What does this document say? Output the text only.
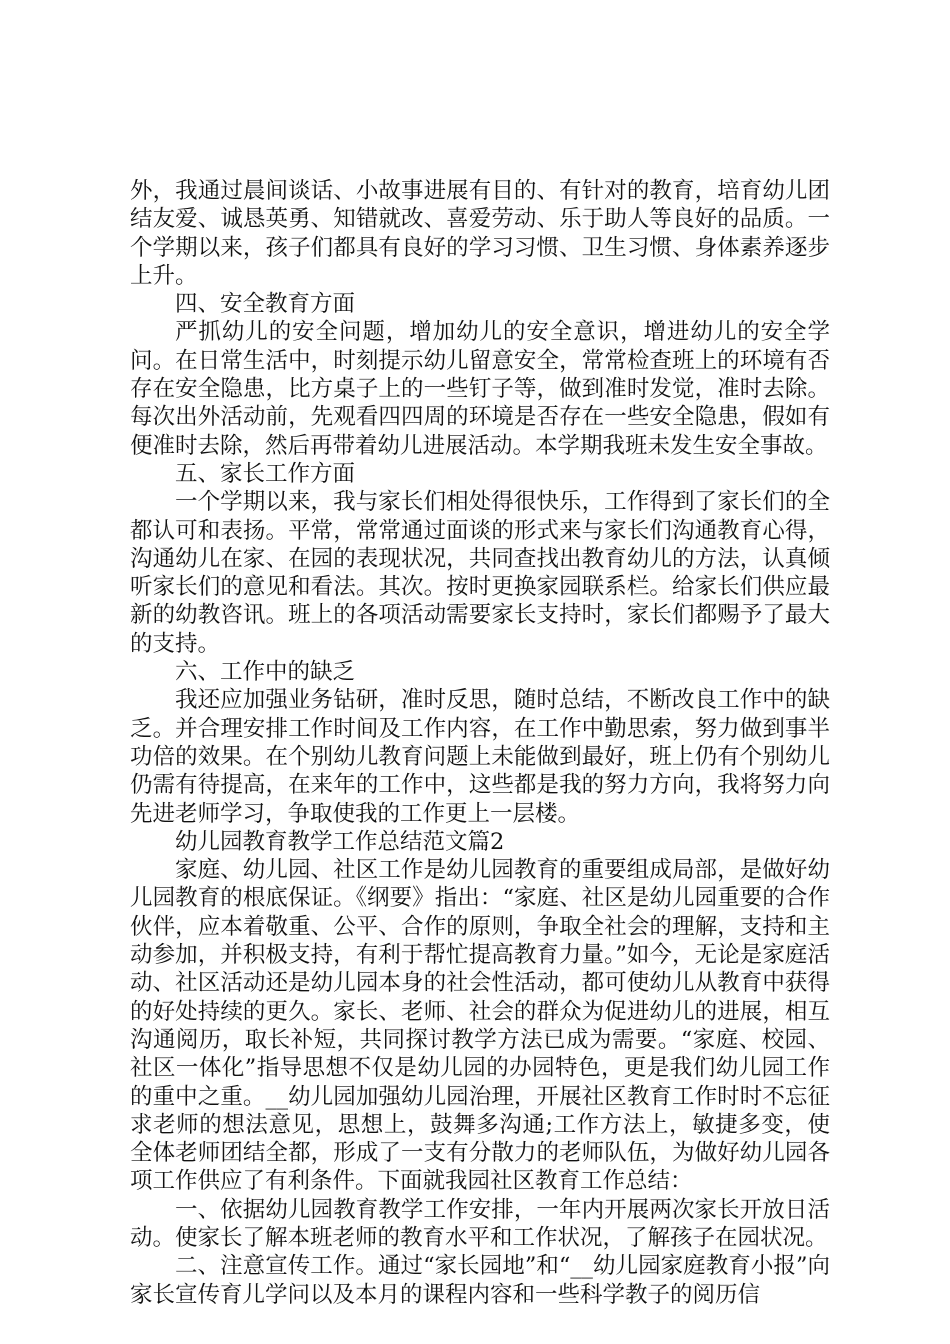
外，我通过晨间谈话、小故事进展有目的、有针对的教育，培育幼儿团结友爱、诚恳英勇、知错就改、喜爱劳动、乐于助人等良好的品质。一个学期以来，孩子们都具有良好的学习习惯、卫生习惯、身体素养逐步上升。

四、安全教育方面

严抓幼儿的安全问题，增加幼儿的安全意识，增进幼儿的安全学问。在日常生活中，时刻提示幼儿留意安全，常常检查班上的环境有否存在安全隐患，比方桌子上的一些钉子等，做到准时发觉，准时去除。每次出外活动前，先观看四四周的环境是否存在一些安全隐患，假如有便准时去除，然后再带着幼儿进展活动。本学期我班未发生安全事故。

五、家长工作方面

一个学期以来，我与家长们相处得很快乐，工作得到了家长们的全都认可和表扬。平常，常常通过面谈的形式来与家长们沟通教育心得，沟通幼儿在家、在园的表现状况，共同查找出教育幼儿的方法，认真倾听家长们的意见和看法。其次。按时更换家园联系栏。给家长们供应最新的幼教咨讯。班上的各项活动需要家长支持时，家长们都赐予了最大的支持。

六、工作中的缺乏

我还应加强业务钻研，准时反思，随时总结，不断改良工作中的缺乏。并合理安排工作时间及工作内容，在工作中勤思索，努力做到事半功倍的效果。在个别幼儿教育问题上未能做到最好，班上仍有个别幼儿仍需有待提高，在来年的工作中，这些都是我的努力方向，我将努力向先进老师学习，争取使我的工作更上一层楼。

幼儿园教育教学工作总结范文篇2

家庭、幼儿园、社区工作是幼儿园教育的重要组成局部，是做好幼儿园教育的根底保证。《纲要》指出：“家庭、社区是幼儿园重要的合作伙伴，应本着敬重、公平、合作的原则，争取全社会的理解，支持和主动参加，并积极支持，有利于帮忙提高教育力量。”如今，无论是家庭活动、社区活动还是幼儿园本身的社会性活动，都可使幼儿从教育中获得的好处持续的更久。家长、老师、社会的群众为促进幼儿的进展，相互沟通阅历，取长补短，共同探讨教学方法已成为需要。“家庭、校园、社区一体化”指导思想不仅是幼儿园的办园特色，更是我们幼儿园工作的重中之重。__幼儿园加强幼儿园治理，开展社区教育工作时时不忘征求老师的想法意见，思想上，鼓舞多沟通;工作方法上，敏捷多变，使全体老师团结全都，形成了一支有分散力的老师队伍，为做好幼儿园各项工作供应了有利条件。下面就我园社区教育工作总结：

一、依据幼儿园教育教学工作安排，一年内开展两次家长开放日活动。使家长了解本班老师的教育水平和工作状况，了解孩子在园状况。

二、注意宣传工作。通过“家长园地”和“__幼儿园家庭教育小报”向家长宣传育儿学问以及本月的课程内容和一些科学教子的阅历信
